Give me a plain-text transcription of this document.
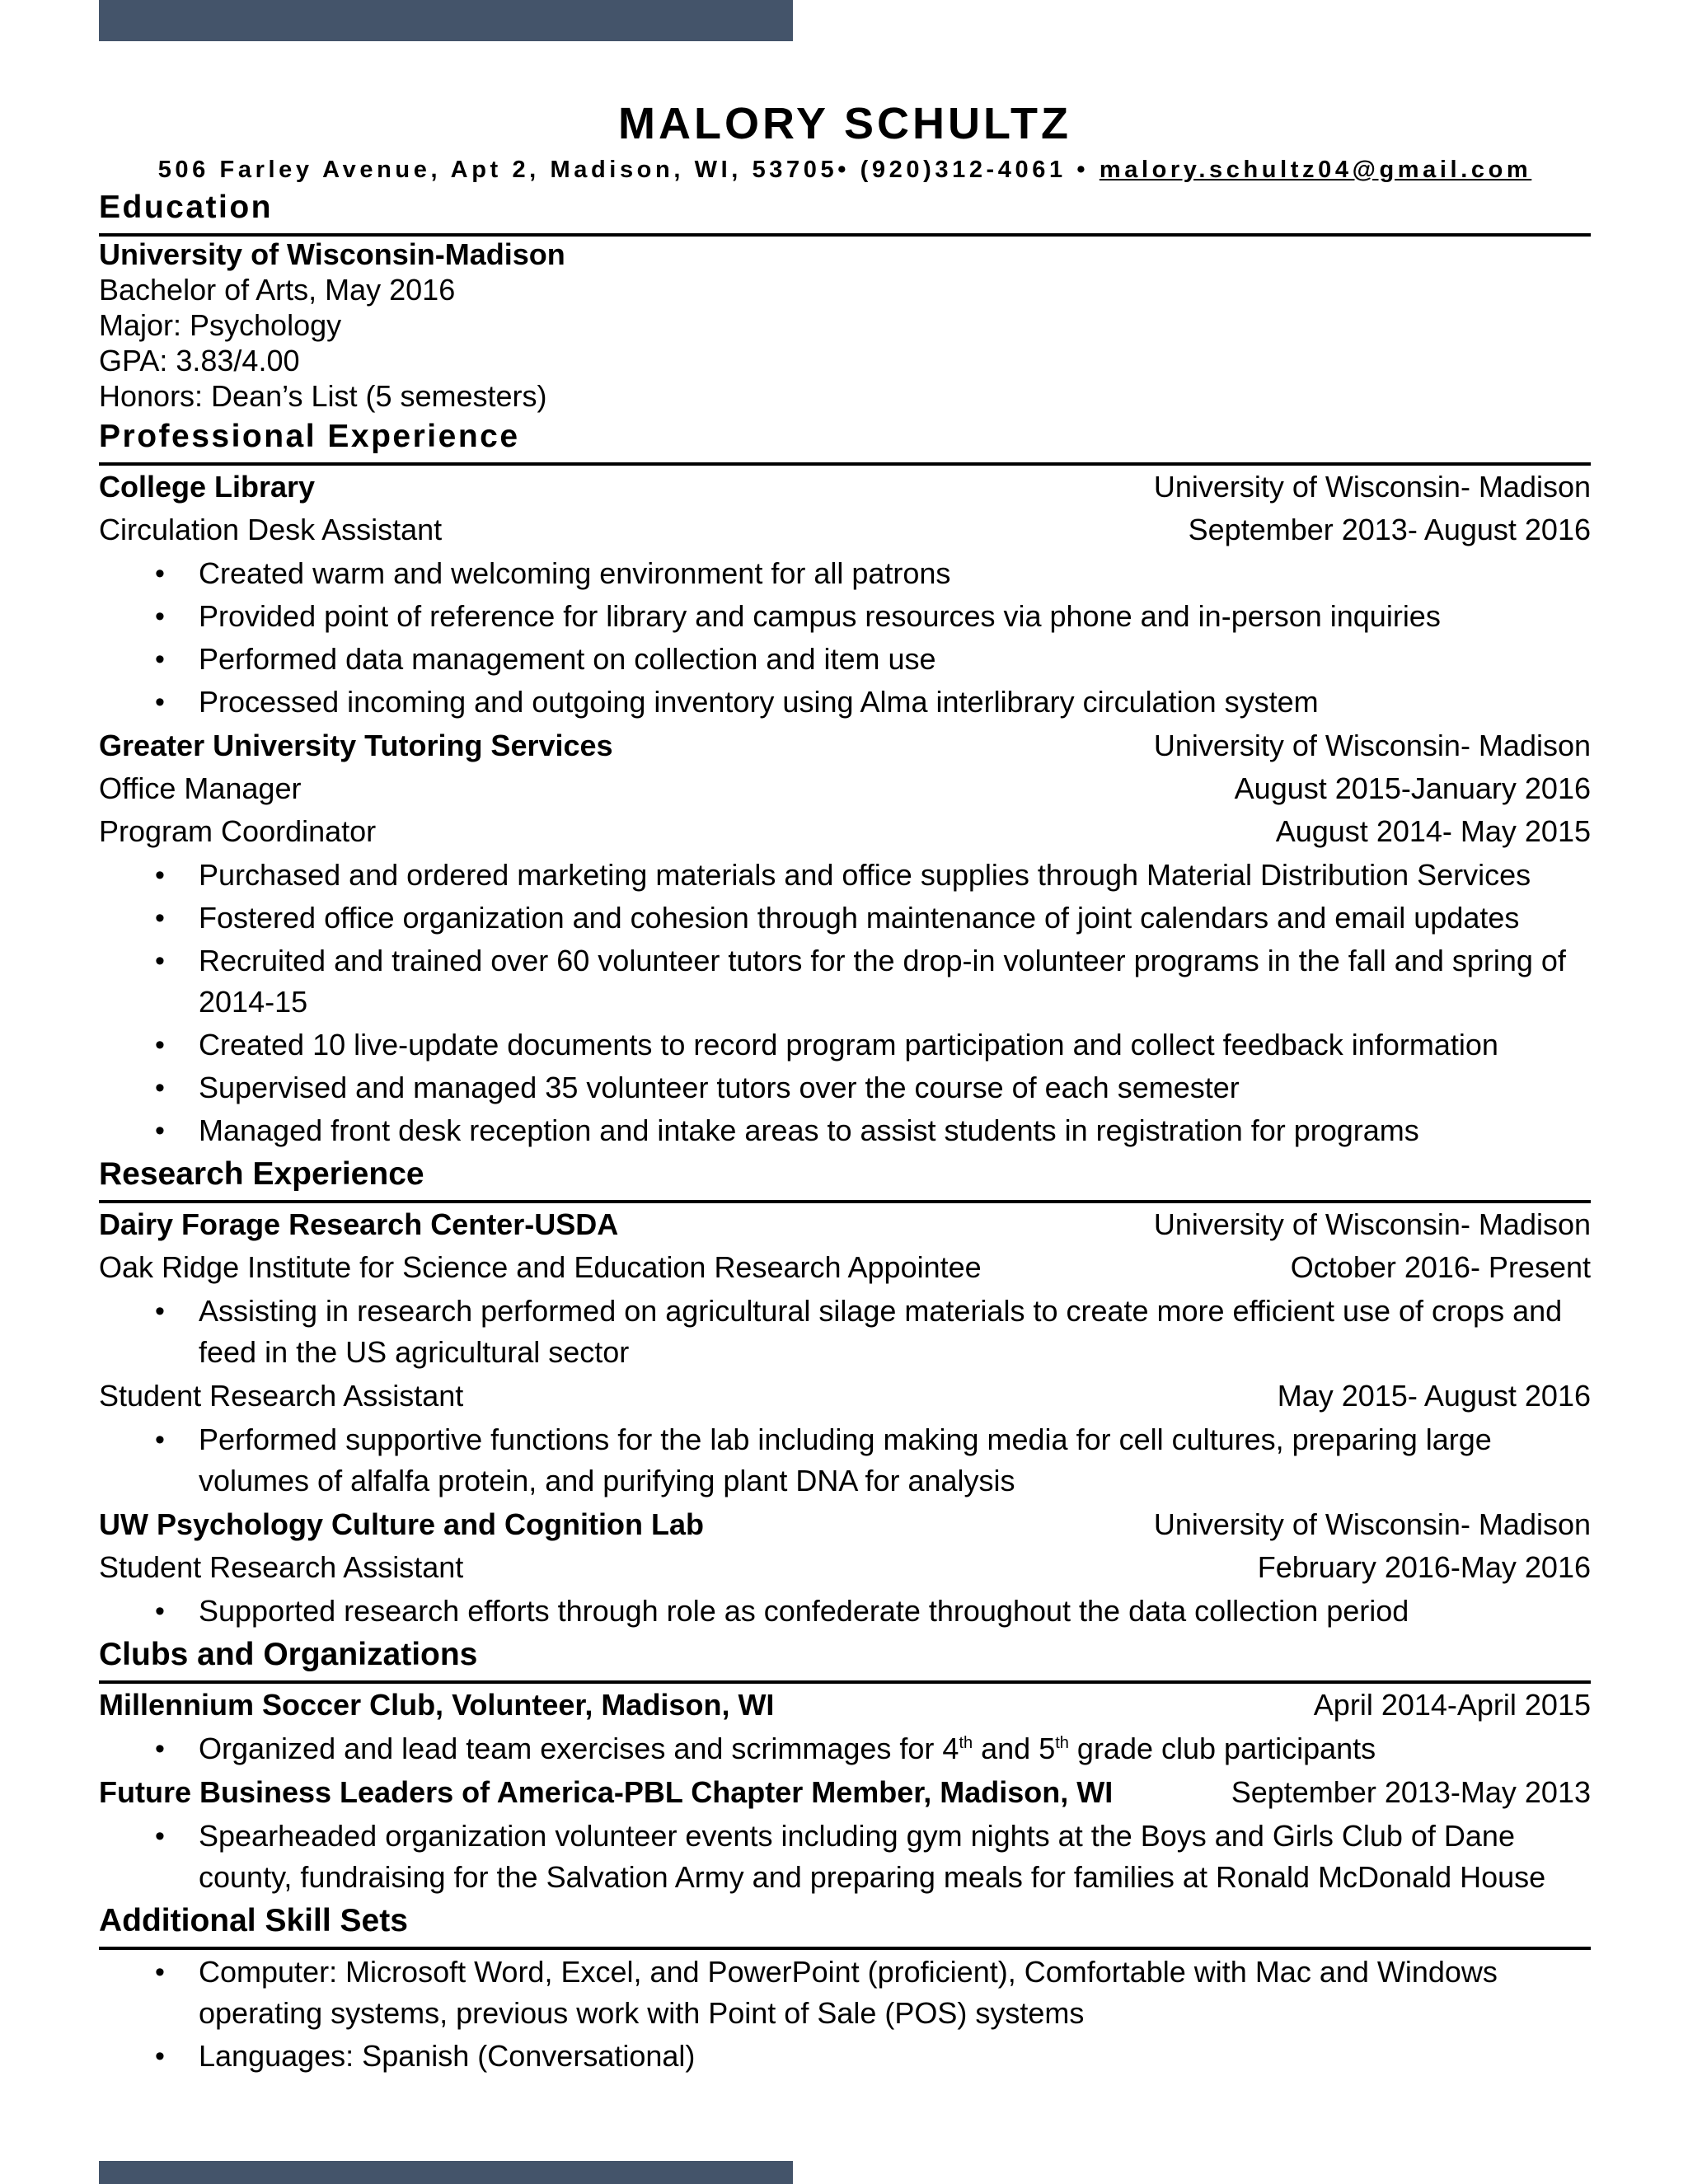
MALORY SCHULTZ
506 Farley Avenue, Apt 2, Madison, WI, 53705• (920)312-4061 • malory.schultz04@gmail.com
Education
University of Wisconsin-Madison
Bachelor of Arts, May 2016
Major: Psychology
GPA: 3.83/4.00
Honors: Dean’s List (5 semesters)
Professional Experience
College Library	University of Wisconsin- Madison
Circulation Desk Assistant	September 2013- August 2016
• Created warm and welcoming environment for all patrons
• Provided point of reference for library and campus resources via phone and in-person inquiries
• Performed data management on collection and item use
• Processed incoming and outgoing inventory using Alma interlibrary circulation system
Greater University Tutoring Services	University of Wisconsin- Madison
Office Manager	August 2015-January 2016
Program Coordinator	August 2014- May 2015
• Purchased and ordered marketing materials and office supplies through Material Distribution Services
• Fostered office organization and cohesion through maintenance of joint calendars and email updates
• Recruited and trained over 60 volunteer tutors for the drop-in volunteer programs in the fall and spring of 2014-15
• Created 10 live-update documents to record program participation and collect feedback information
• Supervised and managed 35 volunteer tutors over the course of each semester
• Managed front desk reception and intake areas to assist students in registration for programs
Research Experience
Dairy Forage Research Center-USDA	University of Wisconsin- Madison
Oak Ridge Institute for Science and Education Research Appointee	October 2016- Present
• Assisting in research performed on agricultural silage materials to create more efficient use of crops and feed in the US agricultural sector
Student Research Assistant	May 2015- August 2016
• Performed supportive functions for the lab including making media for cell cultures, preparing large volumes of alfalfa protein, and purifying plant DNA for analysis
UW Psychology Culture and Cognition Lab	University of Wisconsin- Madison
Student Research Assistant	February 2016-May 2016
• Supported research efforts through role as confederate throughout the data collection period
Clubs and Organizations
Millennium Soccer Club, Volunteer, Madison, WI	April 2014-April 2015
• Organized and lead team exercises and scrimmages for 4th and 5th grade club participants
Future Business Leaders of America-PBL Chapter Member, Madison, WI	September 2013-May 2013
• Spearheaded organization volunteer events including gym nights at the Boys and Girls Club of Dane county, fundraising for the Salvation Army and preparing meals for families at Ronald McDonald House
Additional Skill Sets
• Computer: Microsoft Word, Excel, and PowerPoint (proficient), Comfortable with Mac and Windows operating systems, previous work with Point of Sale (POS) systems
• Languages: Spanish (Conversational)
